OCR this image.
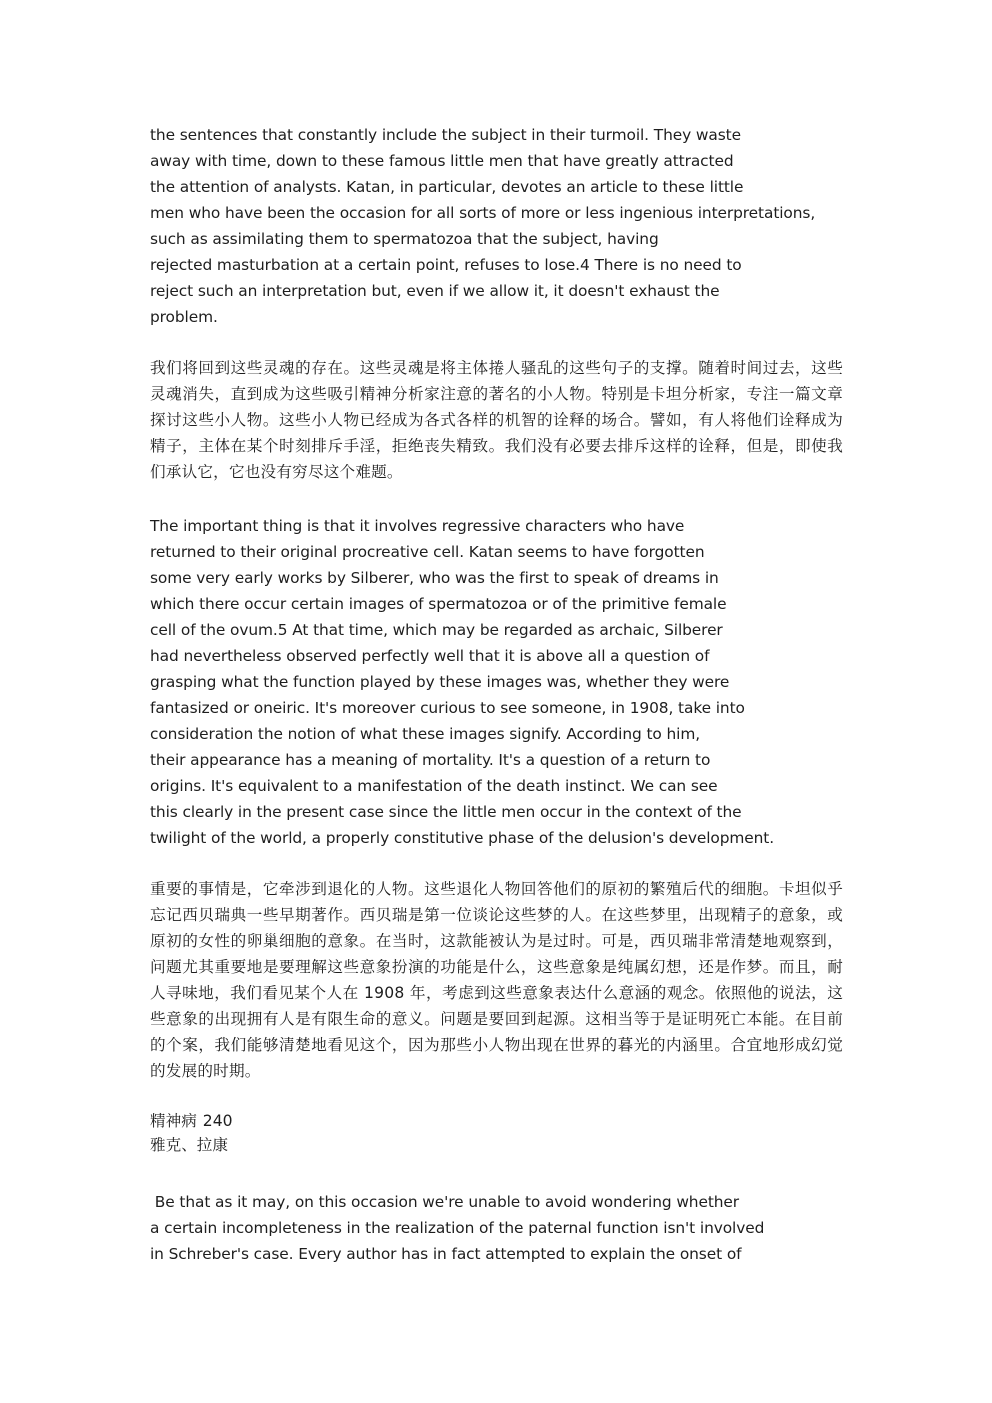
the sentences that constantly include the subject in their turmoil. They waste
away with time, down to these famous little men that have greatly attracted
the attention of analysts. Katan, in particular, devotes an article to these little
men who have been the occasion for all sorts of more or less ingenious interpretations,
such as assimilating them to spermatozoa that the subject, having
rejected masturbation at a certain point, refuses to lose.4 There is no need to
reject such an interpretation but, even if we allow it, it doesn't exhaust the
problem.

我们将回到这些灵魂的存在。这些灵魂是将主体捲人骚乱的这些句子的支撑。随着时间过去，这些灵魂消失，直到成为这些吸引精神分析家注意的著名的小人物。特别是卡坦分析家，专注一篇文章探讨这些小人物。这些小人物已经成为各式各样的机智的诠释的场合。譬如，有人将他们诠释成为精子，主体在某个时刻排斥手淫，拒绝丧失精致。我们没有必要去排斥这样的诠释，但是，即使我们承认它，它也没有穷尽这个难题。

The important thing is that it involves regressive characters who have
returned to their original procreative cell. Katan seems to have forgotten
some very early works by Silberer, who was the first to speak of dreams in
which there occur certain images of spermatozoa or of the primitive female
cell of the ovum.5 At that time, which may be regarded as archaic, Silberer
had nevertheless observed perfectly well that it is above all a question of
grasping what the function played by these images was, whether they were
fantasized or oneiric. It's moreover curious to see someone, in 1908, take into
consideration the notion of what these images signify. According to him,
their appearance has a meaning of mortality. It's a question of a return to
origins. It's equivalent to a manifestation of the death instinct. We can see
this clearly in the present case since the little men occur in the context of the
twilight of the world, a properly constitutive phase of the delusion's development.

重要的事情是，它牵涉到退化的人物。这些退化人物回答他们的原初的繁殖后代的细胞。卡坦似乎忘记西贝瑞典一些早期著作。西贝瑞是第一位谈论这些梦的人。在这些梦里，出现精子的意象，或原初的女性的卵巢细胞的意象。在当时，这款能被认为是过时。可是，西贝瑞非常清楚地观察到，问题尤其重要地是要理解这些意象扮演的功能是什么，这些意象是纯属幻想，还是作梦。而且，耐人寻味地，我们看见某个人在 1908 年，考虑到这些意象表达什么意涵的观念。依照他的说法，这些意象的出现拥有人是有限生命的意义。问题是要回到起源。这相当等于是证明死亡本能。在目前的个案，我们能够清楚地看见这个，因为那些小人物出现在世界的暮光的内涵里。合宜地形成幻觉的发展的时期。

精神病 240
雅克、拉康
Be that as it may, on this occasion we're unable to avoid wondering whether
a certain incompleteness in the realization of the paternal function isn't involved
in Schreber's case. Every author has in fact attempted to explain the onset of
